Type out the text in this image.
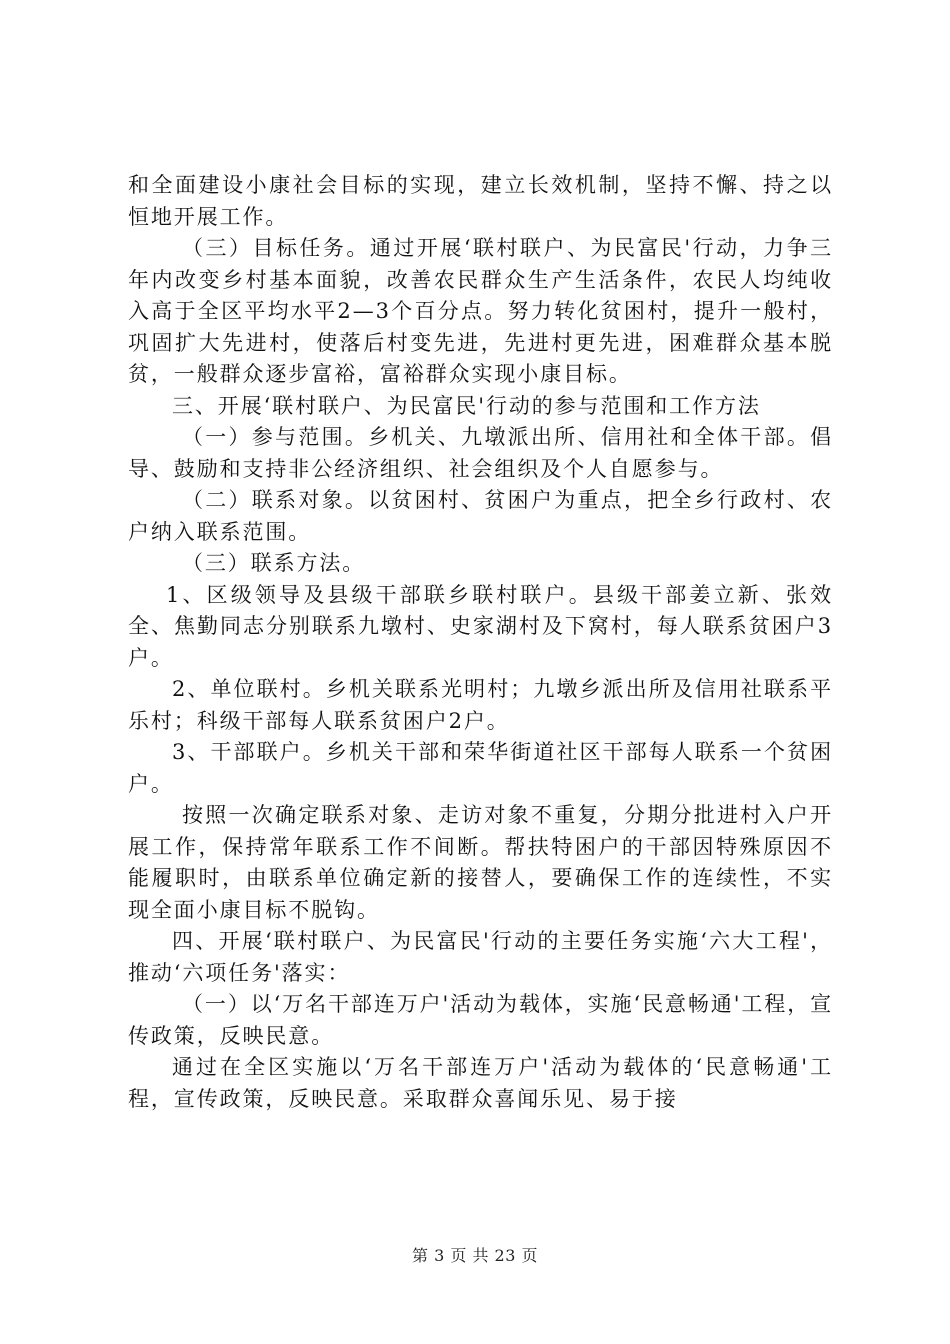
和全面建设小康社会目标的实现，建立长效机制，坚持不懈、持之以恒地开展工作。

（三）目标任务。通过开展‘联村联户、为民富民'行动，力争三年内改变乡村基本面貌，改善农民群众生产生活条件，农民人均纯收入高于全区平均水平2—3个百分点。努力转化贫困村，提升一般村，巩固扩大先进村，使落后村变先进，先进村更先进，困难群众基本脱贫，一般群众逐步富裕，富裕群众实现小康目标。

三、开展‘联村联户、为民富民'行动的参与范围和工作方法

（一）参与范围。乡机关、九墩派出所、信用社和全体干部。倡导、鼓励和支持非公经济组织、社会组织及个人自愿参与。

（二）联系对象。以贫困村、贫困户为重点，把全乡行政村、农户纳入联系范围。

（三）联系方法。

1、区级领导及县级干部联乡联村联户。县级干部姜立新、张效全、焦勤同志分别联系九墩村、史家湖村及下窝村，每人联系贫困户3户。

2、单位联村。乡机关联系光明村；九墩乡派出所及信用社联系平乐村；科级干部每人联系贫困户2户。

3、干部联户。乡机关干部和荣华街道社区干部每人联系一个贫困户。

按照一次确定联系对象、走访对象不重复，分期分批进村入户开展工作，保持常年联系工作不间断。帮扶特困户的干部因特殊原因不能履职时，由联系单位确定新的接替人，要确保工作的连续性，不实现全面小康目标不脱钩。

四、开展‘联村联户、为民富民'行动的主要任务实施‘六大工程'，推动‘六项任务'落实：

（一）以‘万名干部连万户'活动为载体，实施‘民意畅通'工程，宣传政策，反映民意。

通过在全区实施以‘万名干部连万户'活动为载体的‘民意畅通'工程，宣传政策，反映民意。采取群众喜闻乐见、易于接

第 3 页 共 23 页
